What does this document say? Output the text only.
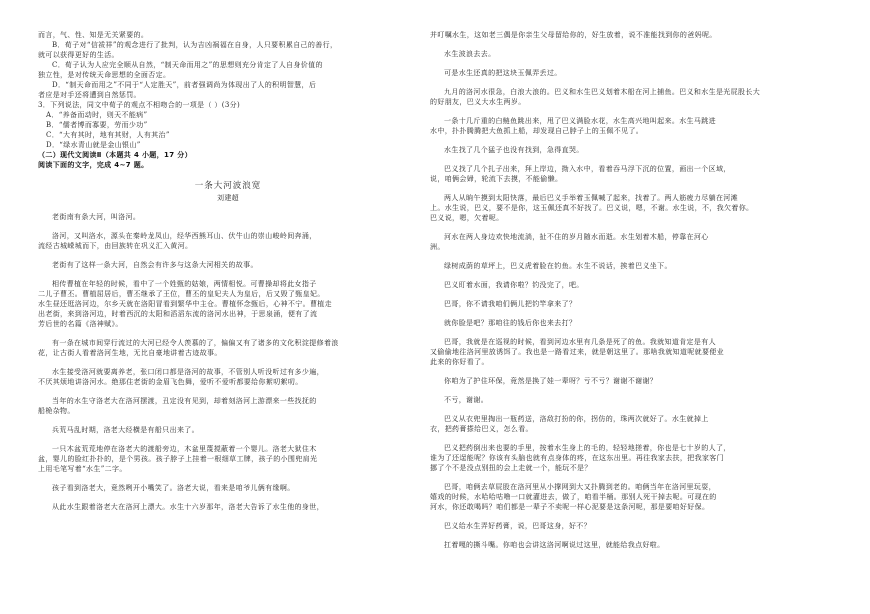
而言，气、性、知是无关紧要的。
B．荀子对“信祓祥”的观念进行了批判，认为吉凶祸福在自身，人只要积累自己的善行，
就可以获得更好的生活。
C．荀子认为人应完全顺从自然，“制天命而用之”的思想则充分肯定了人自身价值的
独立性，是对传统天命思想的全面否定。
D．“制天命而用之”不同于“人定胜天”，前者强调尚为体现出了人的积明智慧，后
者应是对手还将遭到自然惩罚。
3．下列说法，同文中荀子的观点不相吻合的一项是（ ）(3分)
A．“养备而动时，则天不能病”
B．“儒者博而寡要，劳而少功”
C．“大有其时，地有其财，人有其治”
D．“绿水青山就是金山银山”
（二）现代文阅读Ⅱ（本题共 4 小题，17 分）
阅读下面的文字，完成 4~7 题。
一条大河波浪宽
刘建超
老街南有条大河，叫洛河。
洛河，又叫洛水，源头在秦岭龙凤山，经华西熊耳山、伏牛山的崇山峻岭间奔涌，
流经古城嵘城而下，由回族转在巩义汇入黄河。
老街有了这样一条大河，自然会有许多与这条大河相关的故事。
相传曹植在年轻的时候，看中了一个姓甄的姑娘，两情相悦。可曹操却将此女指子
二儿子曹丕。曹植屈居后，曹丕继承了王位，曹丕的皇妃夫人为皇后，后又毁了甄皇妃。
水生昼还逛洛河边，尔乡天就在洛阳冒看到繁华中主仓。曹植怀念甄后，心神不宁。曹植走
出老街，来到洛河边，时着西沉的太阳和滔滔东流的洛河水出神，于思泉涌，便有了流
芳后世的名篇《洛神赋》。
有一条在城市间穿行流过的大河已经令人羡慕的了，偏偏又有了诸多的文化积淀提修着浪
花，让古街人看着洛河生地，无比自豪地讲着古迹故事。
水生接受洛河就要离养老，张口闭口都是洛河的故事，不管别人听没听过有多少遍，
不厌其烦地讲洛河水。绝那住老街的金眉飞色舞，爱听不爱听都要给你絮叨絮叨。
当年的水生守洛老大在洛河摆渡，丑定没有见到，却着刻洛河上游漂来一些找抚的
船桅杂物。
兵荒马乱时期，洛老大经横是有船只出来了。
一只木盆荒荒地停在洛老大的渡船旁边，木盆里蔑搅蔽着一个婴儿。洛老大狱住木
盆，婴儿的脸红扑扑的，是个男孩。孩子脖子上挂着一根细草工牌，孩子的小围兜肩光
上用毛笔写着“水生”二字。
孩子看到洛老大，竟然咧开小嘴笑了。洛老大说，看来是咱爷儿俩有缘啊。
从此水生跟着洛老大在洛河上漂大。水生十六岁那年，洛老大告诉了水生他的身世，
并叮嘱水生，这如老三偶是你亲生父母留给你的，好生放着，说不准能找到你的爸妈呢。
水生波浪去去。
可是水生还真的把这块玉佩弄丢过。
九月的洛河水很急，白浪大浪的。巴义和水生巴义划着木船在河上捕鱼。巴义和水生是光屁股长大
的好朋友，巴义大水生两岁。
一条十几斤重的白鲢鱼跳出来，甩了巴义满脸水花，水生高兴地叫起来。水生马跳进
水中，扑扑腾腾把大鱼抓上船，却发现自己脖子上的玉佩不见了。
水生找了几个猛子也没有找到，急得直哭。
巴义找了几个扎子出来，拜上岸边，拗入水中，看着吞马浮下沉的位置，画出一个区域，
说，咱俩会婦，轮流下去摸，不能偷懒。
两人从晌午摸到太阳快落，最后巴义手举着玉佩喊了起来，找着了。两人筋疲力尽躺在河滩
上。水生说，巴义，要不是你，这玉佩还真不好找了。巴义说，嗯，不谢。水生说，不，我欠着你。
巴义说，嗯，欠着呢。
河水在两人身边欢快地流淌，扯不住的岁月随水而逝。水生划着木船，停靠在河心
洲。
绿树成荫的草坪上，巴义虎着脸在钓鱼。水生不说话，挨着巴义坐下。
巴义盯着水面，我请你啦？钓没完了，吧。
巴哥，你不请我咱们俩儿把钓竿拿来了？
就你脸是吧？那咱往的钱后你也来去打？
巴哥，我就是在巡视的时候，看到河边水里有几条是死了的鱼。我就知道肯定是有人
又偷偷地往洛河里放诱饵了。我也是一路看过来，就是朝这里了。那啥我就知道呢就要便业
此来的你好看了。
你咱为了护住环保，竟然是换了娃一辈呀？亏不亏？谢谢不谢谢？
不亏，谢谢。
巴义从衣兜里掏出一瓶药送，洛敌打扮的你，拐仿的，珠两次就好了。水生就掉上
衣，把药膏搽给巴义，怎么看。
巴义把药倒出来也要的手里，按着水生身上的毛的，轻轻地搓着，你也是七十岁的人了，
谁为了还逞能呢？你该有头脑也就有点身体的疼，在这东出里。再往我家去扶，把我家客门
挪了个不是没点别扭的会上走就一个，能玩不是？
巴哥，咱俩去草屁股在洛河里从小撑网到大又扑腾到老的。咱俩当年在洛河里玩耍，
嬉戏的时候，水哈哈咕噜一口就灌进去，做了，咱看半桶。那别人死干掉去呢。可现在的
河水，你还敢喝吗？咱们都是一辈子不卖呢一样心泥要是这条河呢，那是要咱好好保。
巴义给水生弄好药膏，说，巴哥这身，好不？
扛着嘎的撕斗嘴。你咱也会讲这洛河啊说过这里，就能给我点好啦。
